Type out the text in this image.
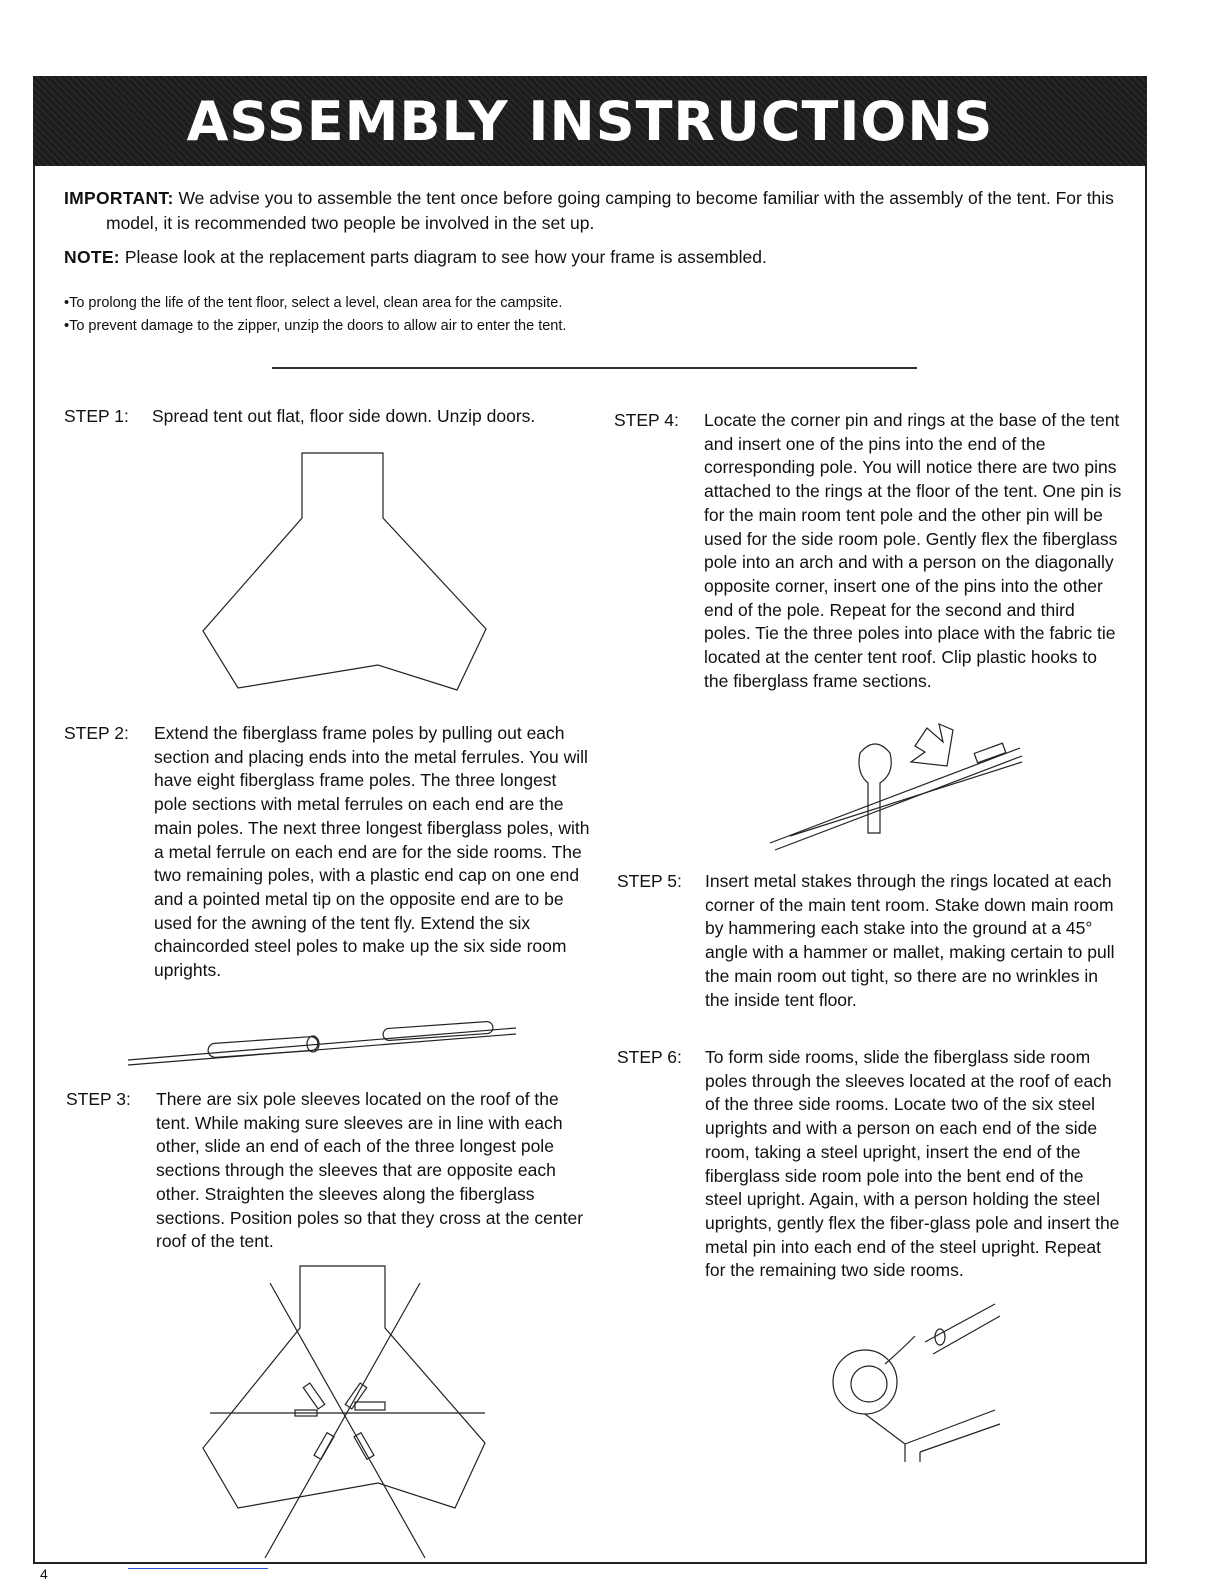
ASSEMBLY INSTRUCTIONS

IMPORTANT: We advise you to assemble the tent once before going camping to become familiar with the assembly of the tent. For this model, it is recommended two people be involved in the set up.

NOTE: Please look at the replacement parts diagram to see how your frame is assembled.

• To prolong the life of the tent floor, select a level, clean area for the campsite.
• To prevent damage to the zipper, unzip the doors to allow air to enter the tent.
STEP 1: Spread tent out flat, floor side down. Unzip doors.
STEP 2: Extend the fiberglass frame poles by pulling out each section and placing ends into the metal ferrules. You will have eight fiberglass frame poles. The three longest pole sections with metal ferrules on each end are the main poles. The next three longest fiberglass poles, with a metal ferrule on each end are for the side rooms. The two remaining poles, with a plastic end cap on one end and a pointed metal tip on the opposite end are to be used for the awning of the tent fly. Extend the six chaincorded steel poles to make up the six side room uprights.
STEP 3: There are six pole sleeves located on the roof of the tent. While making sure sleeves are in line with each other, slide an end of each of the three longest pole sections through the sleeves that are opposite each other. Straighten the sleeves along the fiberglass sections. Position poles so that they cross at the center roof of the tent.
STEP 4: Locate the corner pin and rings at the base of the tent and insert one of the pins into the end of the corresponding pole. You will notice there are two pins attached to the rings at the floor of the tent. One pin is for the main room tent pole and the other pin will be used for the side room pole. Gently flex the fiberglass pole into an arch and with a person on the diagonally opposite corner, insert one of the pins into the other end of the pole. Repeat for the second and third poles. Tie the three poles into place with the fabric tie located at the center tent roof. Clip plastic hooks to the fiberglass frame sections.
STEP 5: Insert metal stakes through the rings located at each corner of the main tent room. Stake down main room by hammering each stake into the ground at a 45° angle with a hammer or mallet, making certain to pull the main room out tight, so there are no wrinkles in the inside tent floor.
STEP 6: To form side rooms, slide the fiberglass side room poles through the sleeves located at the roof of each of the three side rooms. Locate two of the six steel uprights and with a person on each end of the side room, taking a steel upright, insert the end of the fiberglass side room pole into the bent end of the steel upright. Again, with a person holding the steel uprights, gently flex the fiber-glass pole and insert the metal pin into each end of the steel upright. Repeat for the remaining two side rooms.
4
